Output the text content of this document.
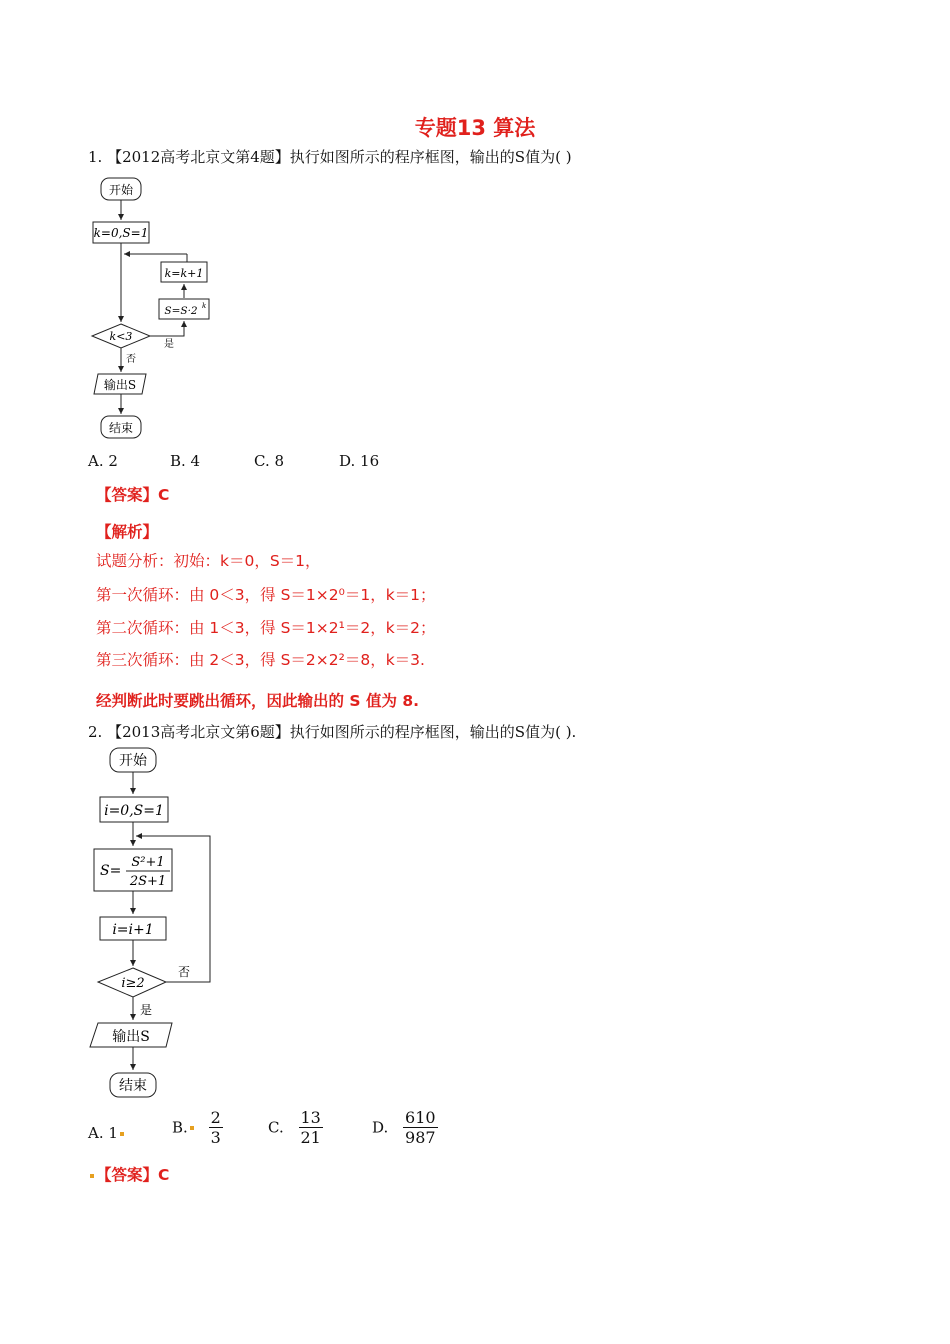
专题13 算法
1. 【2012高考北京文第4题】执行如图所示的程序框图，输出的S值为( )
开始
k=0,S=1
k=k+1
S=S·2 k
k<3
是
否
输出S
结束
A. 2	B. 4	C. 8	D. 16
【答案】C
【解析】
试题分析：初始：k＝0，S＝1，
第一次循环：由 0＜3，得 S＝1×2⁰＝1，k＝1；
第二次循环：由 1＜3，得 S＝1×2¹＝2，k＝2；
第三次循环：由 2＜3，得 S＝2×2²＝8，k＝3.
经判断此时要跳出循环，因此输出的 S 值为 8.
2. 【2013高考北京文第6题】执行如图所示的程序框图，输出的S值为( ).
开始
i=0,S=1
S=
S²+1
2S+1
i=i+1
i≥2
否
是
输出S
结束
A. 1	B. $\frac{2}{3}$	C. $\frac{13}{21}$	D. $\frac{610}{987}$
【答案】C
